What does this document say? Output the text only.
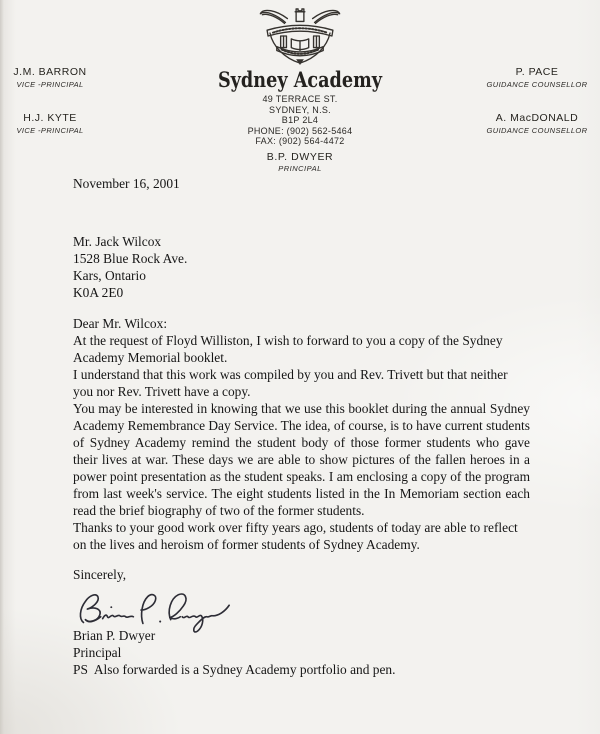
J.M. BARRON
VICE -PRINCIPAL
H.J. KYTE
VICE -PRINCIPAL
Sydney Academy
49 TERRACE ST.
SYDNEY, N.S.
B1P 2L4
PHONE: (902) 562-5464
FAX: (902) 564-4472
B.P. DWYER
PRINCIPAL
P. PACE
GUIDANCE COUNSELLOR
A. MacDONALD
GUIDANCE COUNSELLOR
November 16, 2001
Mr. Jack Wilcox
1528 Blue Rock Ave.
Kars, Ontario
K0A 2E0
Dear Mr. Wilcox:

At the request of Floyd Williston, I wish to forward to you a copy of the Sydney Academy Memorial booklet.

I understand that this work was compiled by you and Rev. Trivett but that neither you nor Rev. Trivett have a copy.

You may be interested in knowing that we use this booklet during the annual Sydney Academy Remembrance Day Service. The idea, of course, is to have current students of Sydney Academy remind the student body of those former students who gave their lives at war. These days we are able to show pictures of the fallen heroes in a power point presentation as the student speaks. I am enclosing a copy of the program from last week's service. The eight students listed in the In Memoriam section each read the brief biography of two of the former students.

Thanks to your good work over fifty years ago, students of today are able to reflect on the lives and heroism of former students of Sydney Academy.

Sincerely,
Brian P. Dwyer
Principal

PS  Also forwarded is a Sydney Academy portfolio and pen.
